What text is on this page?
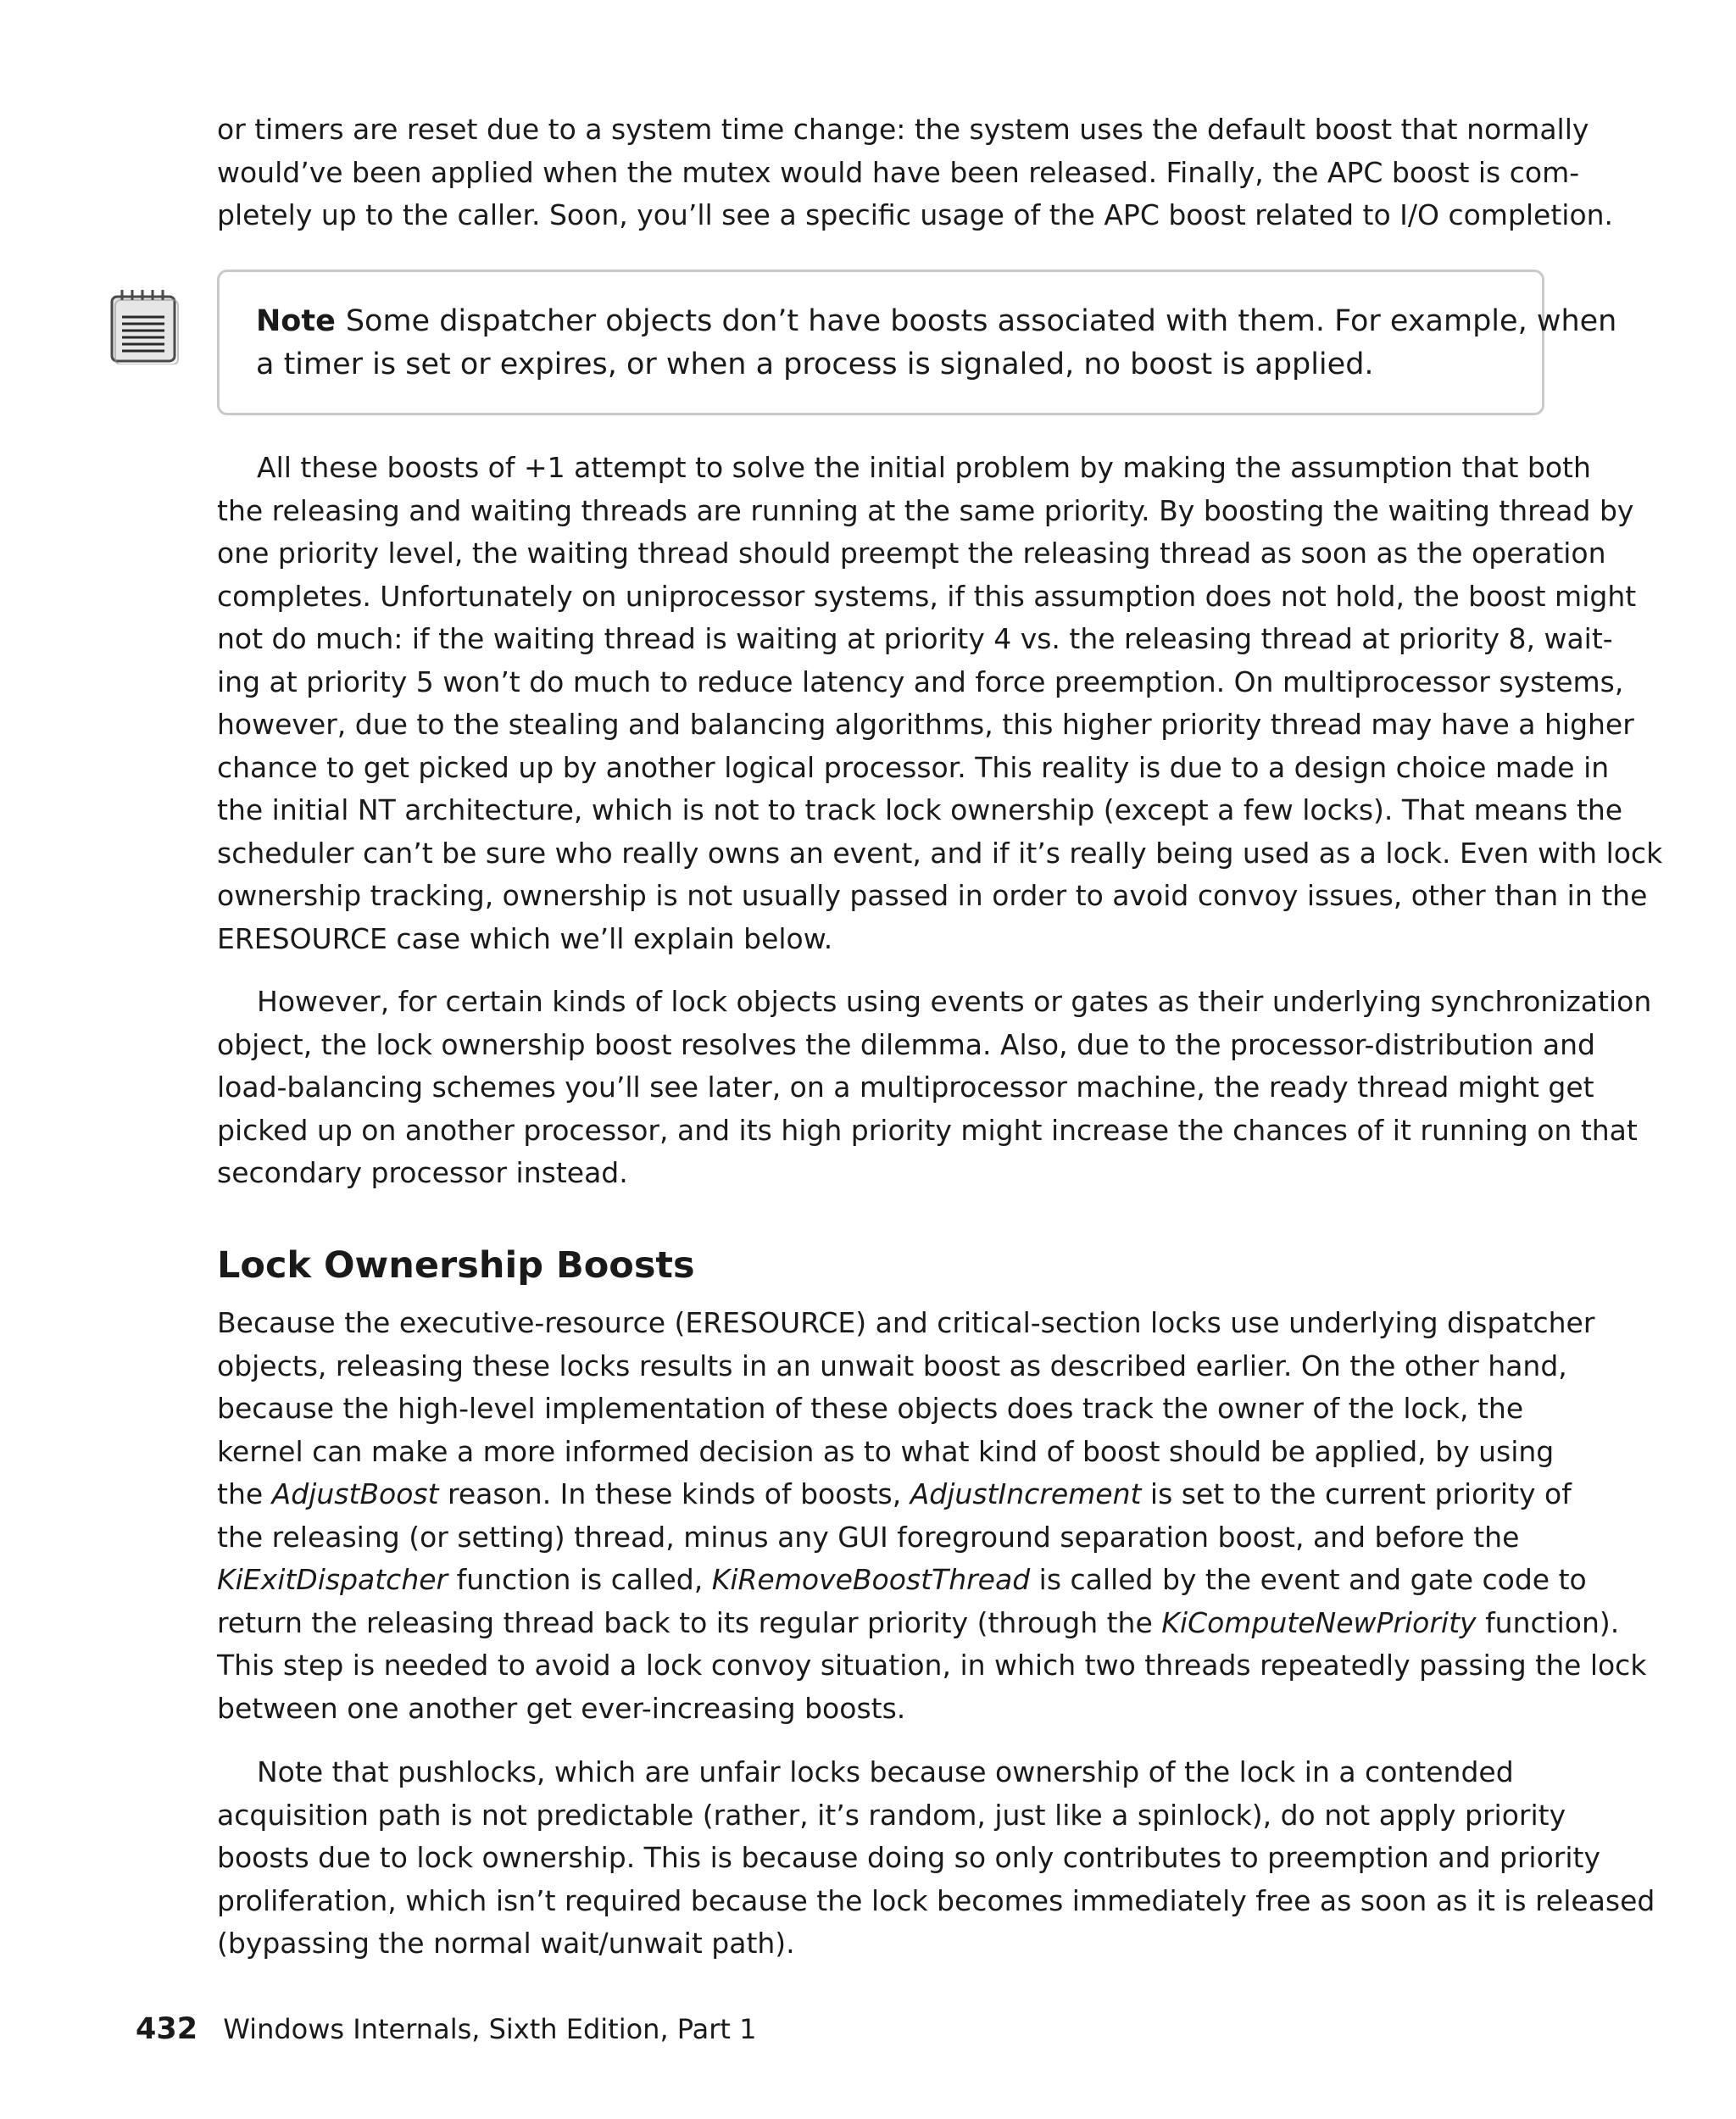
or timers are reset due to a system time change: the system uses the default boost that normally
would’ve been applied when the mutex would have been released. Finally, the APC boost is com-
pletely up to the caller. Soon, you’ll see a specific usage of the APC boost related to I/O completion.

Note Some dispatcher objects don’t have boosts associated with them. For example, when
a timer is set or expires, or when a process is signaled, no boost is applied.

All these boosts of +1 attempt to solve the initial problem by making the assumption that both
the releasing and waiting threads are running at the same priority. By boosting the waiting thread by
one priority level, the waiting thread should preempt the releasing thread as soon as the operation
completes. Unfortunately on uniprocessor systems, if this assumption does not hold, the boost might
not do much: if the waiting thread is waiting at priority 4 vs. the releasing thread at priority 8, wait-
ing at priority 5 won’t do much to reduce latency and force preemption. On multiprocessor systems,
however, due to the stealing and balancing algorithms, this higher priority thread may have a higher
chance to get picked up by another logical processor. This reality is due to a design choice made in
the initial NT architecture, which is not to track lock ownership (except a few locks). That means the
scheduler can’t be sure who really owns an event, and if it’s really being used as a lock. Even with lock
ownership tracking, ownership is not usually passed in order to avoid convoy issues, other than in the
ERESOURCE case which we’ll explain below.

However, for certain kinds of lock objects using events or gates as their underlying synchronization
object, the lock ownership boost resolves the dilemma. Also, due to the processor-distribution and
load-balancing schemes you’ll see later, on a multiprocessor machine, the ready thread might get
picked up on another processor, and its high priority might increase the chances of it running on that
secondary processor instead.

Lock Ownership Boosts

Because the executive-resource (ERESOURCE) and critical-section locks use underlying dispatcher
objects, releasing these locks results in an unwait boost as described earlier. On the other hand,
because the high-level implementation of these objects does track the owner of the lock, the
kernel can make a more informed decision as to what kind of boost should be applied, by using
the AdjustBoost reason. In these kinds of boosts, AdjustIncrement is set to the current priority of
the releasing (or setting) thread, minus any GUI foreground separation boost, and before the
KiExitDispatcher function is called, KiRemoveBoostThread is called by the event and gate code to
return the releasing thread back to its regular priority (through the KiComputeNewPriority function).
This step is needed to avoid a lock convoy situation, in which two threads repeatedly passing the lock
between one another get ever-increasing boosts.

Note that pushlocks, which are unfair locks because ownership of the lock in a contended
acquisition path is not predictable (rather, it’s random, just like a spinlock), do not apply priority
boosts due to lock ownership. This is because doing so only contributes to preemption and priority
proliferation, which isn’t required because the lock becomes immediately free as soon as it is released
(bypassing the normal wait/unwait path).

432 Windows Internals, Sixth Edition, Part 1
